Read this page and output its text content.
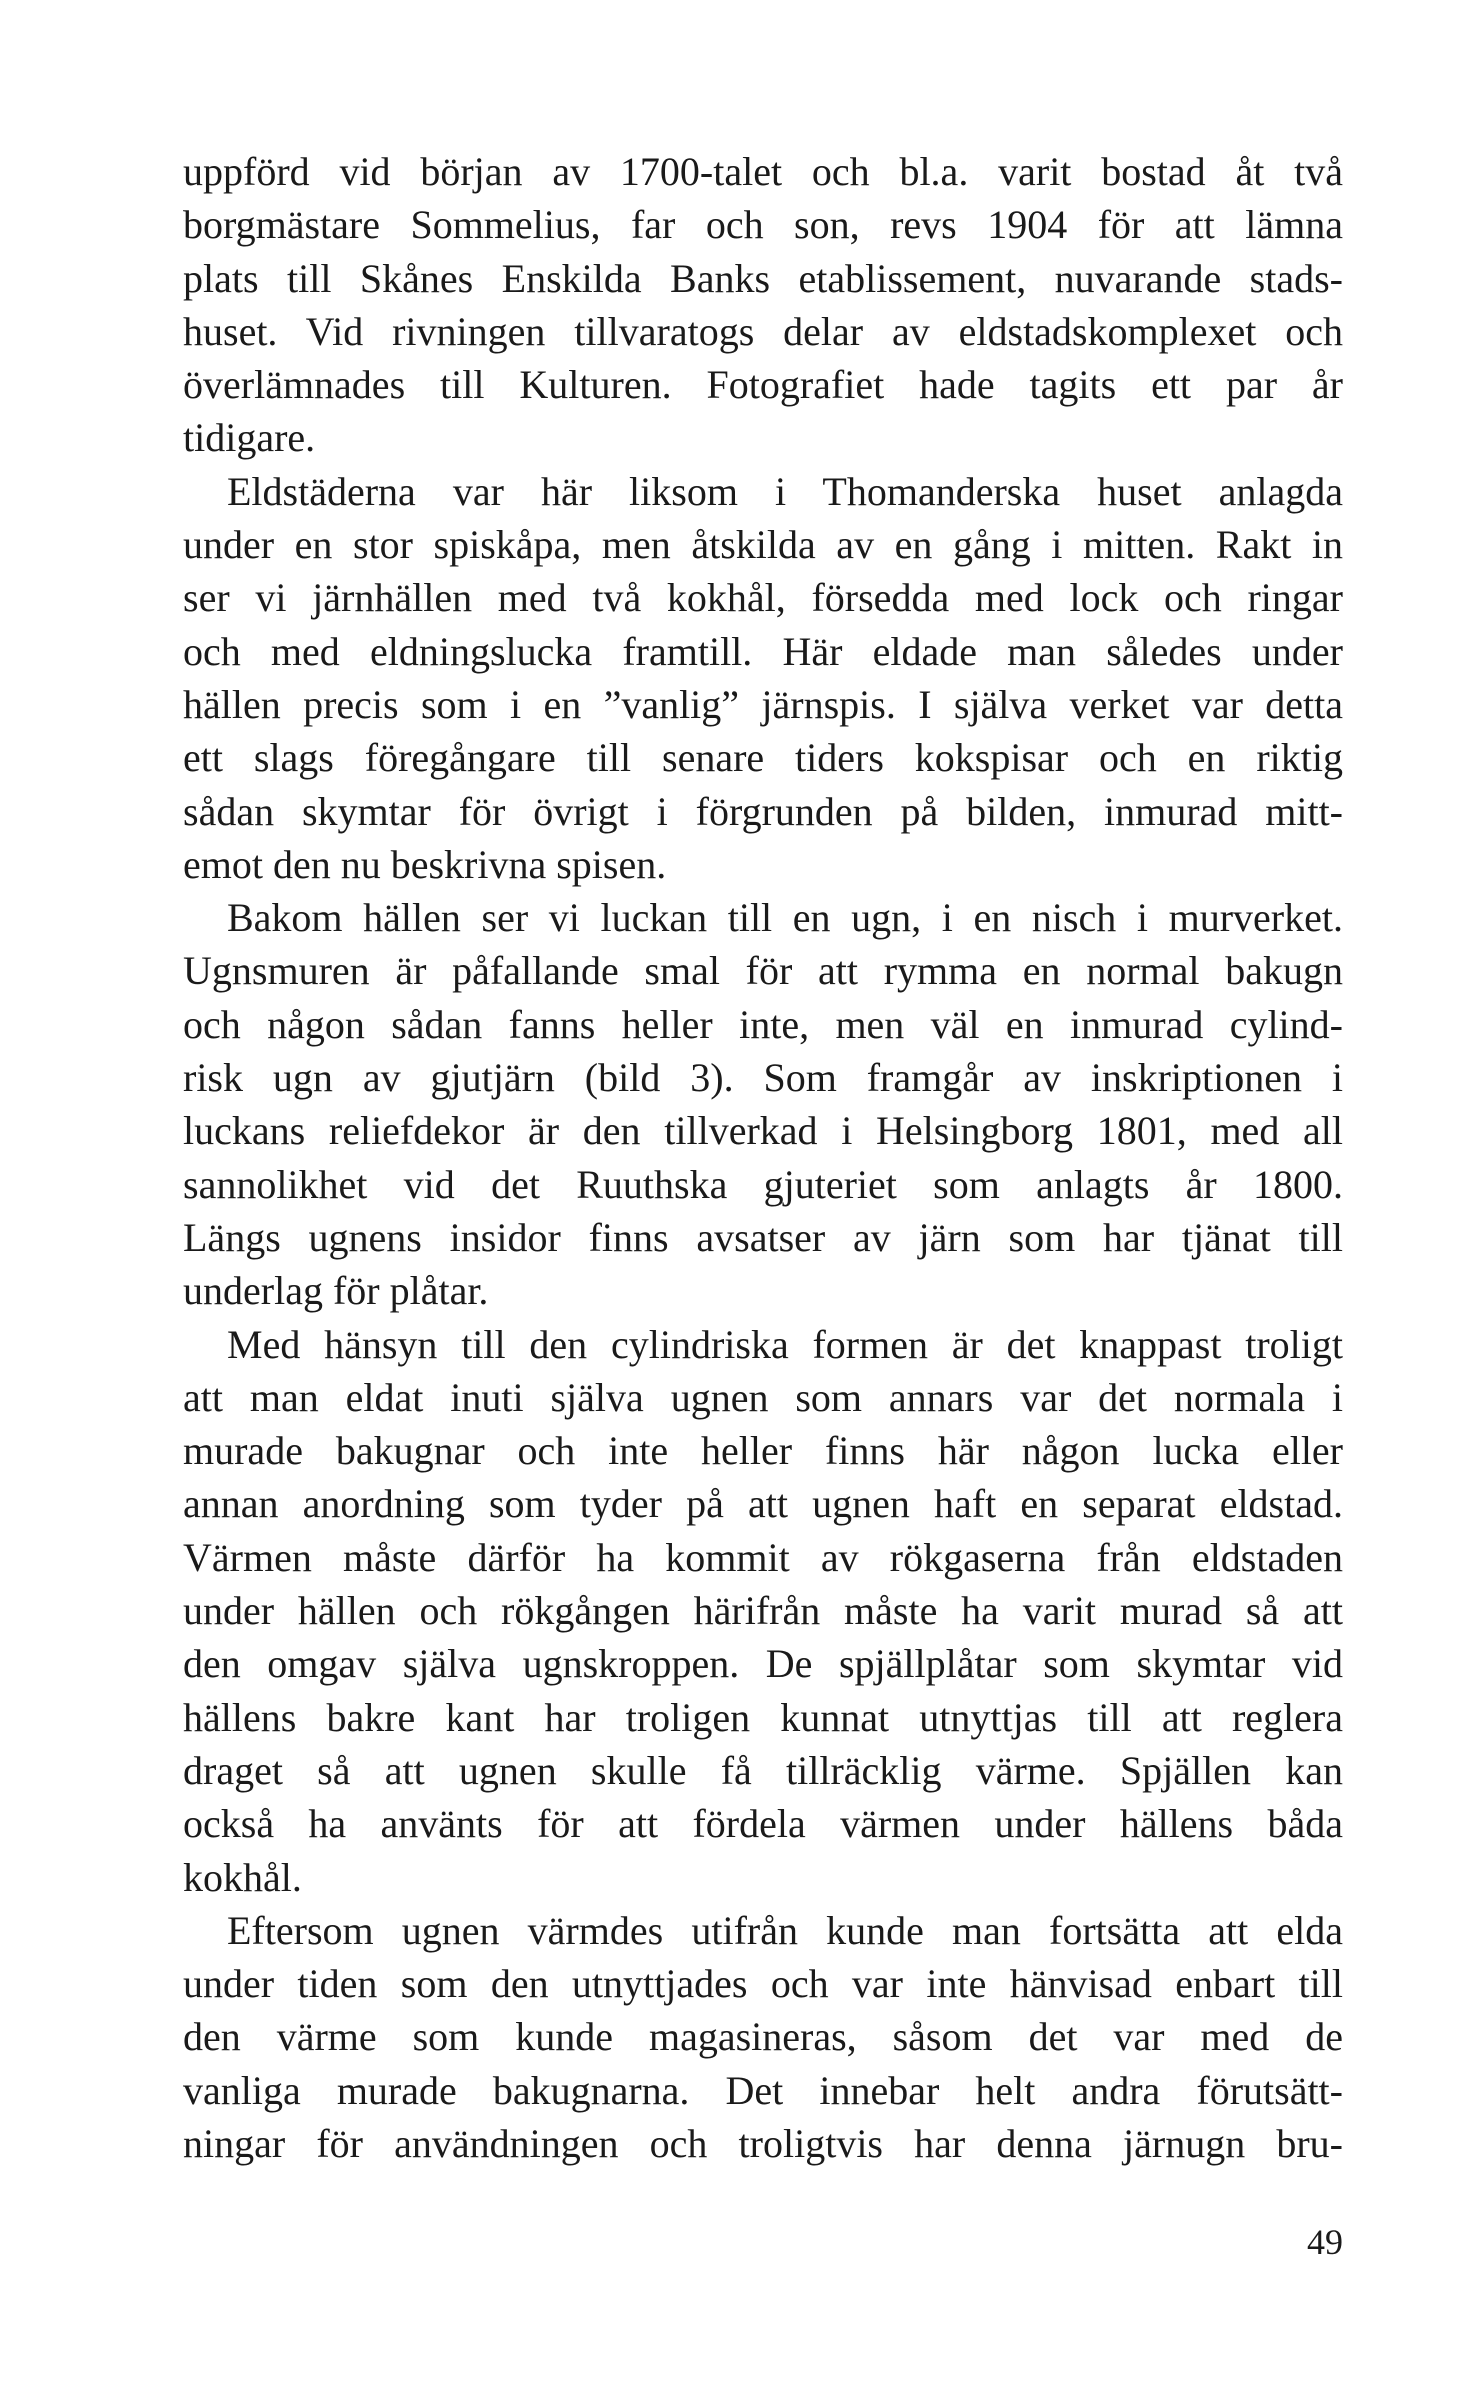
uppförd vid början av 1700-talet och bl.a. varit bostad åt två
borgmästare Sommelius, far och son, revs 1904 för att lämna
plats till Skånes Enskilda Banks etablissement, nuvarande stads-
huset. Vid rivningen tillvaratogs delar av eldstadskomplexet och
överlämnades till Kulturen. Fotografiet hade tagits ett par år
tidigare.
Eldstäderna var här liksom i Thomanderska huset anlagda
under en stor spiskåpa, men åtskilda av en gång i mitten. Rakt in
ser vi järnhällen med två kokhål, försedda med lock och ringar
och med eldningslucka framtill. Här eldade man således under
hällen precis som i en ”vanlig” järnspis. I själva verket var detta
ett slags föregångare till senare tiders kokspisar och en riktig
sådan skymtar för övrigt i förgrunden på bilden, inmurad mitt-
emot den nu beskrivna spisen.
Bakom hällen ser vi luckan till en ugn, i en nisch i murverket.
Ugnsmuren är påfallande smal för att rymma en normal bakugn
och någon sådan fanns heller inte, men väl en inmurad cylind-
risk ugn av gjutjärn (bild 3). Som framgår av inskriptionen i
luckans reliefdekor är den tillverkad i Helsingborg 1801, med all
sannolikhet vid det Ruuthska gjuteriet som anlagts år 1800.
Längs ugnens insidor finns avsatser av järn som har tjänat till
underlag för plåtar.
Med hänsyn till den cylindriska formen är det knappast troligt
att man eldat inuti själva ugnen som annars var det normala i
murade bakugnar och inte heller finns här någon lucka eller
annan anordning som tyder på att ugnen haft en separat eldstad.
Värmen måste därför ha kommit av rökgaserna från eldstaden
under hällen och rökgången härifrån måste ha varit murad så att
den omgav själva ugnskroppen. De spjällplåtar som skymtar vid
hällens bakre kant har troligen kunnat utnyttjas till att reglera
draget så att ugnen skulle få tillräcklig värme. Spjällen kan
också ha använts för att fördela värmen under hällens båda
kokhål.
Eftersom ugnen värmdes utifrån kunde man fortsätta att elda
under tiden som den utnyttjades och var inte hänvisad enbart till
den värme som kunde magasineras, såsom det var med de
vanliga murade bakugnarna. Det innebar helt andra förutsätt-
ningar för användningen och troligtvis har denna järnugn bru-
49
